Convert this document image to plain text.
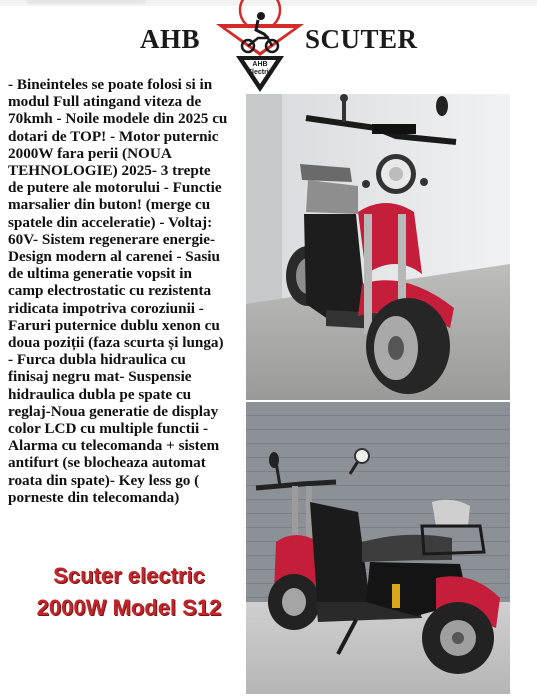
AHB
AHB
Electric
SCUTER

- Bineinteles se poate folosi si in

modul Full atingand viteza de

70kmh - Noile modele din 2025 cu

dotari de TOP! - Motor puternic

2000W fara perii (NOUA

TEHNOLOGIE) 2025- 3 trepte

de putere ale motorului - Functie

marsalier din buton! (merge cu

spatele din acceleratie) - Voltaj:

60V- Sistem regenerare energie-

Design modern al carenei - Sasiu

de ultima generatie vopsit in

camp electrostatic cu rezistenta

ridicata impotriva coroziunii -

Faruri puternice dublu xenon cu

doua poziții (faza scurta și lunga)

- Furca dubla hidraulica cu

finisaj negru mat- Suspensie

hidraulica dubla pe spate cu

reglaj-Noua generatie de display

color LCD cu multiple functii -

Alarma cu telecomanda + sistem

antifurt (se blocheaza automat

roata din spate)- Key less go (

porneste din telecomanda)

Scuter electric
2000W Model S12
